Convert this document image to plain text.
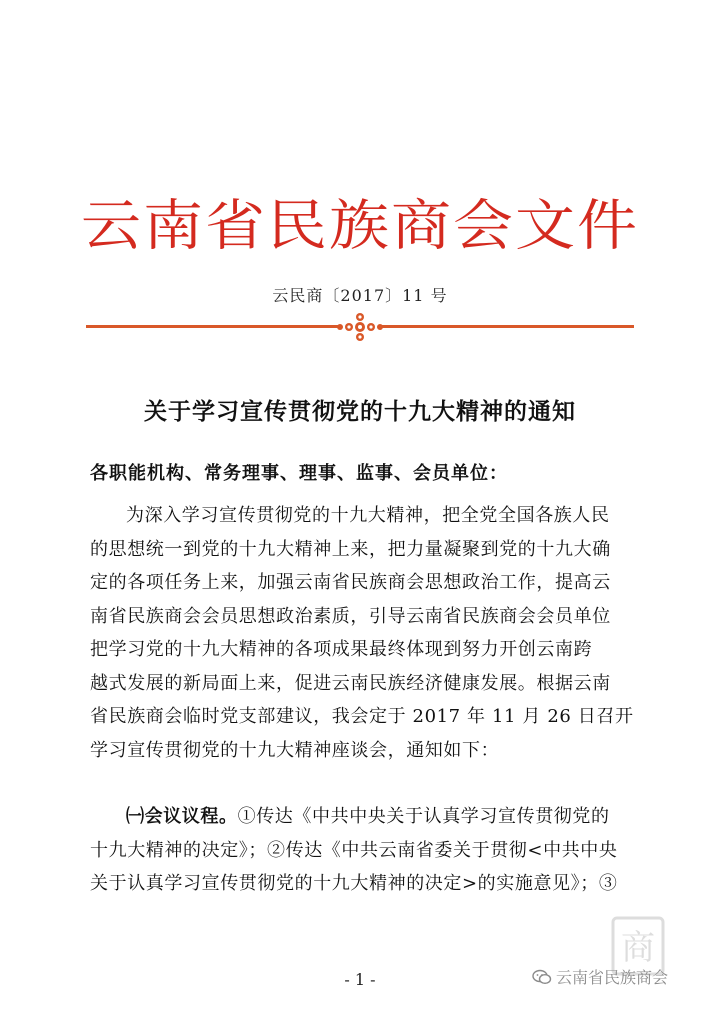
云南省民族商会文件
云民商〔2017〕11 号
关于学习宣传贯彻党的十九大精神的通知
各职能机构、常务理事、理事、监事、会员单位：
为深入学习宣传贯彻党的十九大精神，把全党全国各族人民
的思想统一到党的十九大精神上来，把力量凝聚到党的十九大确
定的各项任务上来，加强云南省民族商会思想政治工作，提高云
南省民族商会会员思想政治素质，引导云南省民族商会会员单位
把学习党的十九大精神的各项成果最终体现到努力开创云南跨
越式发展的新局面上来，促进云南民族经济健康发展。根据云南
省民族商会临时党支部建议，我会定于 2017 年 11 月 26 日召开
学习宣传贯彻党的十九大精神座谈会，通知如下：
㈠会议议程。①传达《中共中央关于认真学习宣传贯彻党的
十九大精神的决定》；②传达《中共云南省委关于贯彻<中共中央
关于认真学习宣传贯彻党的十九大精神的决定>的实施意见》；③
- 1 -
商
云南省民族商会
